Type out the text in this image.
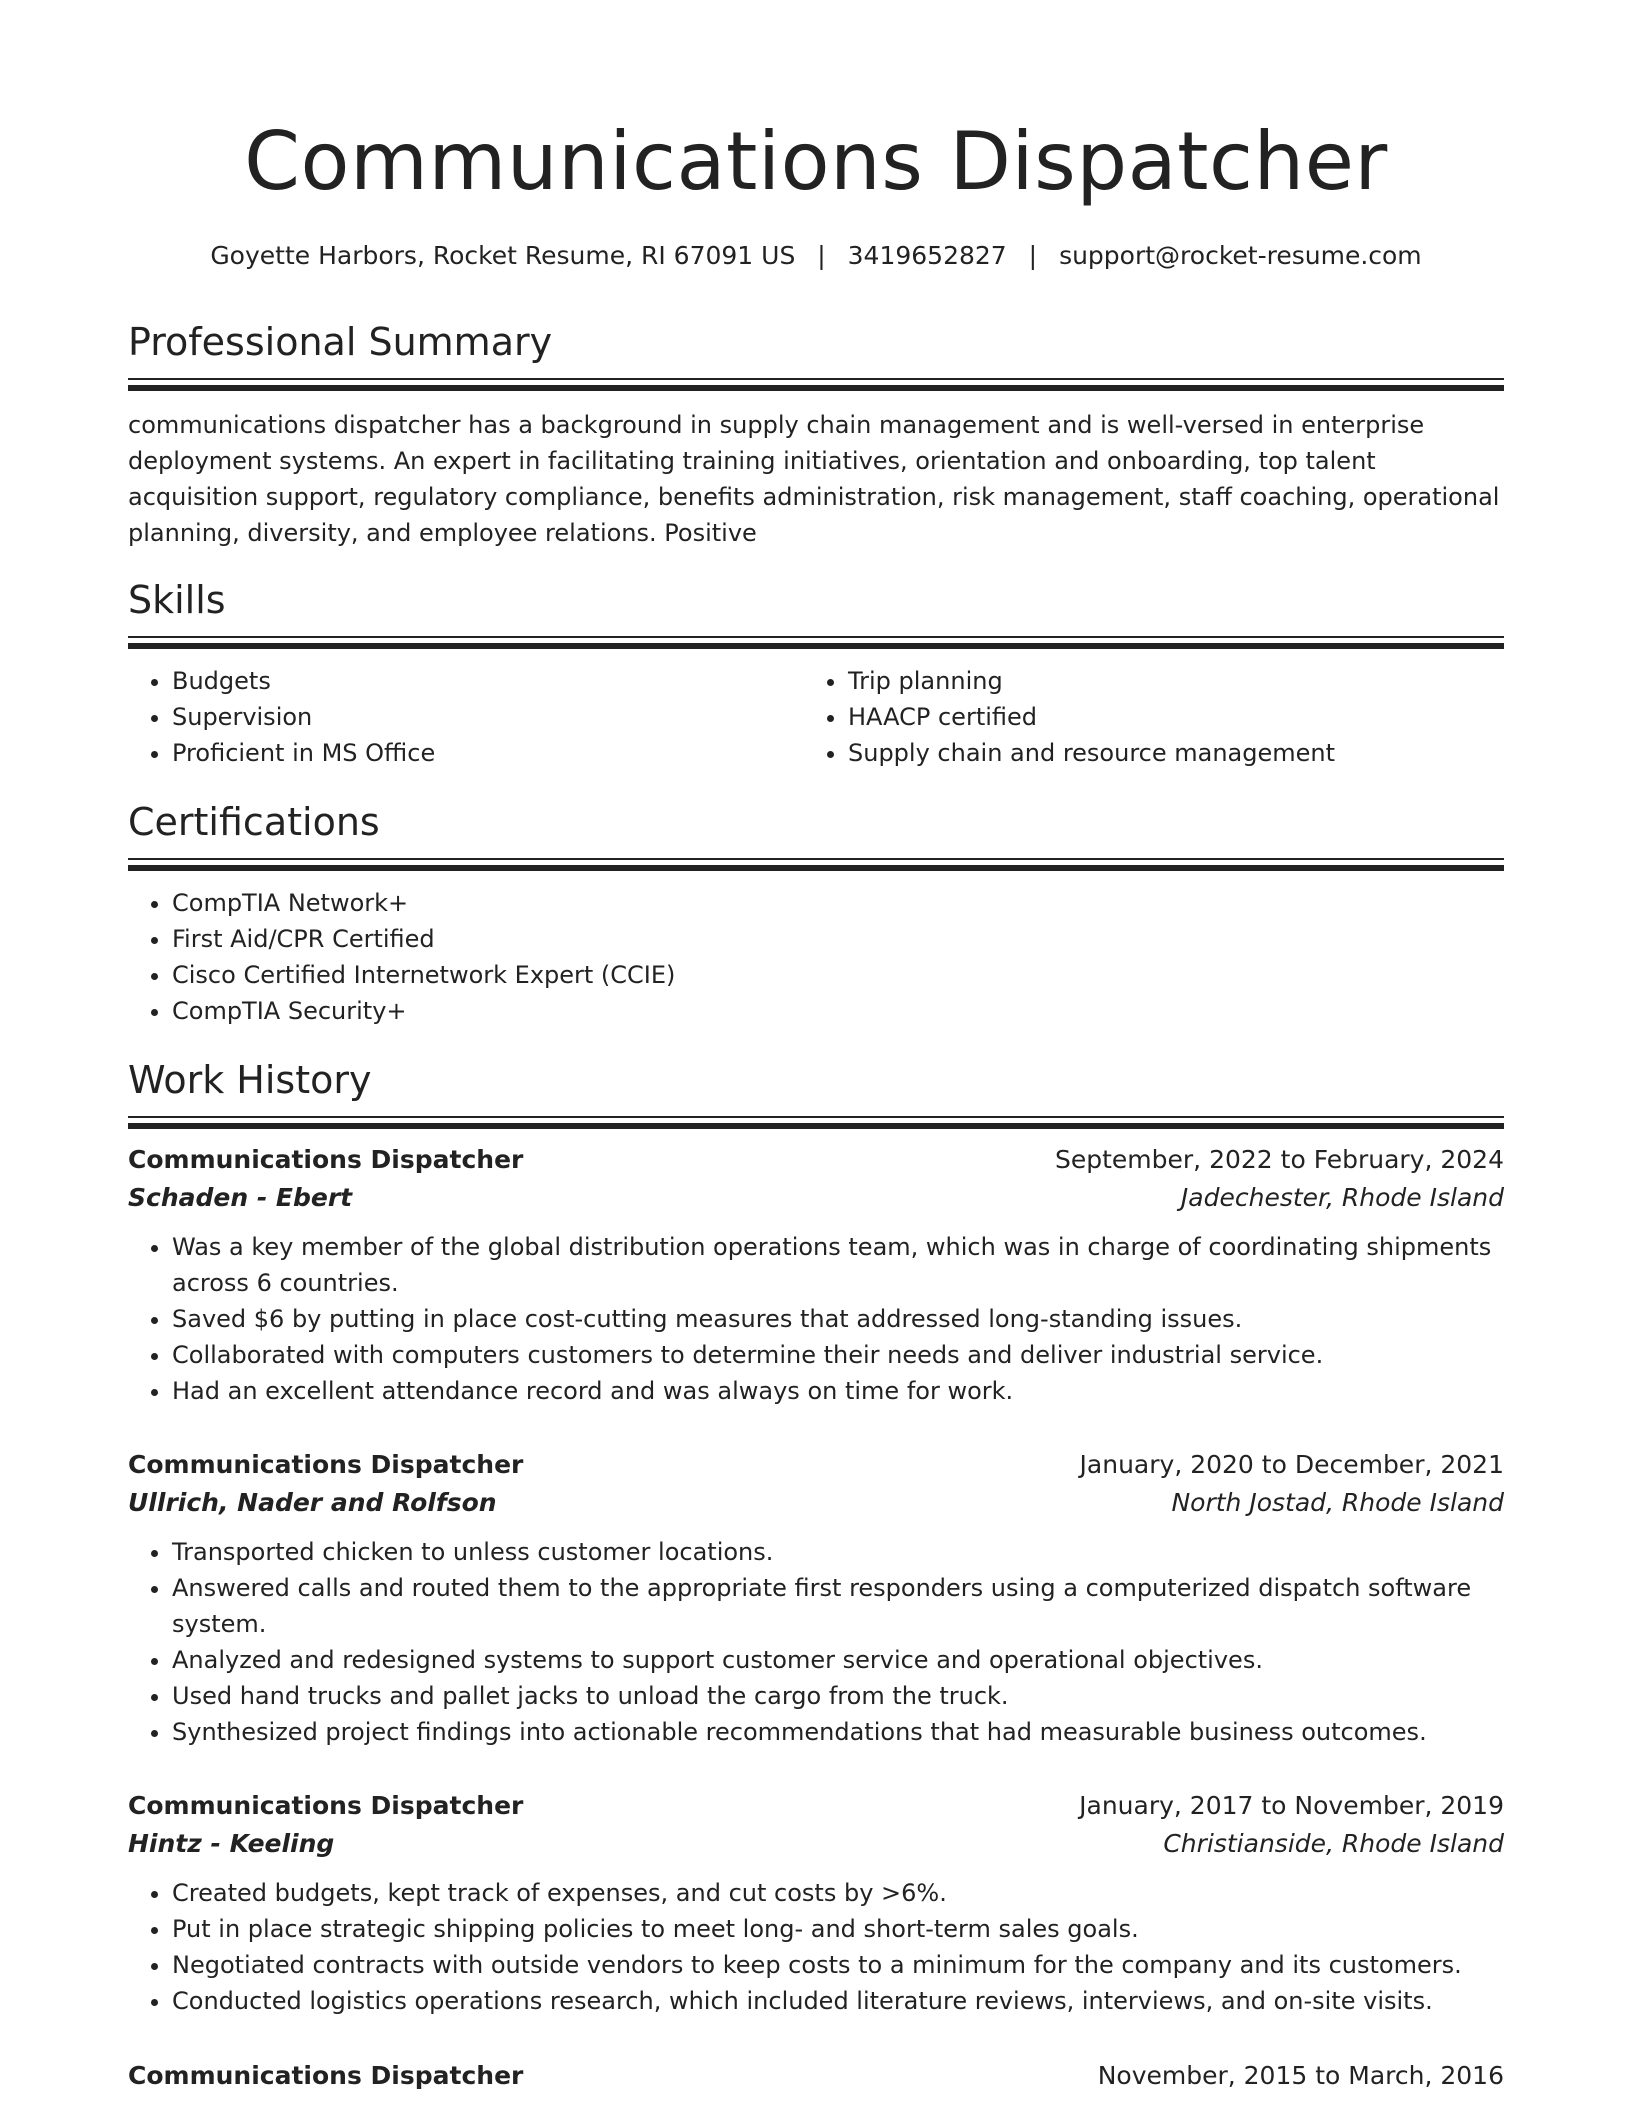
Communications Dispatcher
Goyette Harbors, Rocket Resume, RI 67091 US | 3419652827 | support@rocket-resume.com
Professional Summary
communications dispatcher has a background in supply chain management and is well-versed in enterprise deployment systems. An expert in facilitating training initiatives, orientation and onboarding, top talent acquisition support, regulatory compliance, benefits administration, risk management, staff coaching, operational planning, diversity, and employee relations. Positive
Skills
• Budgets
• Supervision
• Proficient in MS Office
• Trip planning
• HAACP certified
• Supply chain and resource management
Certifications
• CompTIA Network+
• First Aid/CPR Certified
• Cisco Certified Internetwork Expert (CCIE)
• CompTIA Security+
Work History
Communications Dispatcher	September, 2022 to February, 2024
Schaden - Ebert	Jadechester, Rhode Island
• Was a key member of the global distribution operations team, which was in charge of coordinating shipments across 6 countries.
• Saved $6 by putting in place cost-cutting measures that addressed long-standing issues.
• Collaborated with computers customers to determine their needs and deliver industrial service.
• Had an excellent attendance record and was always on time for work.
Communications Dispatcher	January, 2020 to December, 2021
Ullrich, Nader and Rolfson	North Jostad, Rhode Island
• Transported chicken to unless customer locations.
• Answered calls and routed them to the appropriate first responders using a computerized dispatch software system.
• Analyzed and redesigned systems to support customer service and operational objectives.
• Used hand trucks and pallet jacks to unload the cargo from the truck.
• Synthesized project findings into actionable recommendations that had measurable business outcomes.
Communications Dispatcher	January, 2017 to November, 2019
Hintz - Keeling	Christianside, Rhode Island
• Created budgets, kept track of expenses, and cut costs by >6%.
• Put in place strategic shipping policies to meet long- and short-term sales goals.
• Negotiated contracts with outside vendors to keep costs to a minimum for the company and its customers.
• Conducted logistics operations research, which included literature reviews, interviews, and on-site visits.
Communications Dispatcher	November, 2015 to March, 2016
